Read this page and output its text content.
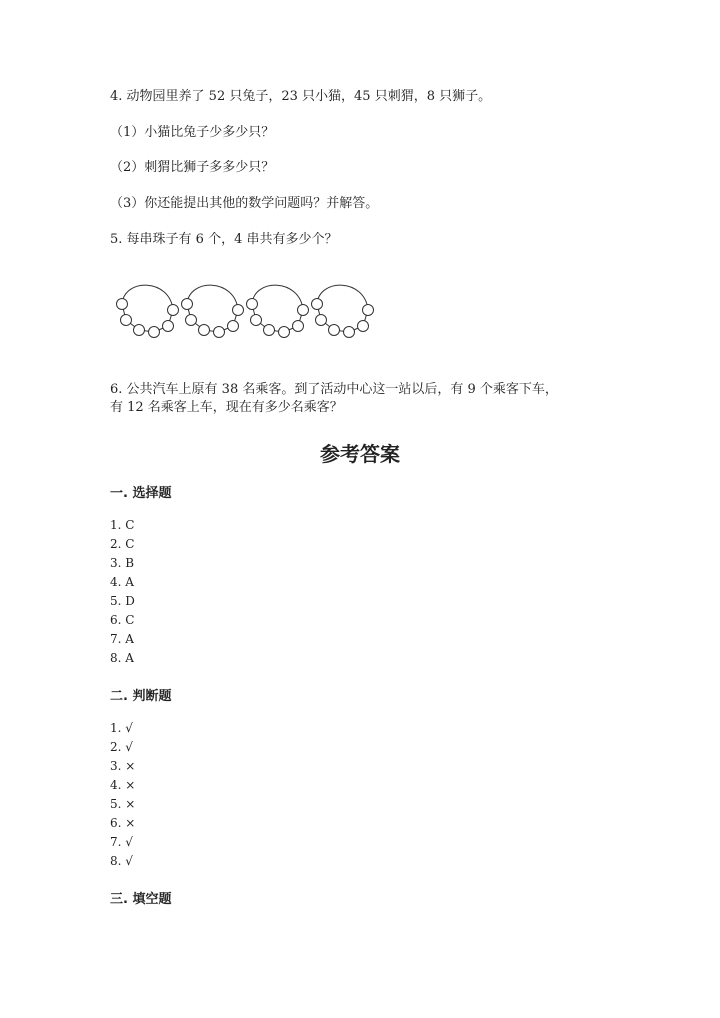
4. 动物园里养了 52 只兔子，23 只小猫，45 只刺猬，8 只狮子。
（1）小猫比兔子少多少只？
（2）刺猬比狮子多多少只？
（3）你还能提出其他的数学问题吗？并解答。
5. 每串珠子有 6 个，4 串共有多少个？
6. 公共汽车上原有 38 名乘客。到了活动中心这一站以后，有 9 个乘客下车，
有 12 名乘客上车，现在有多少名乘客？
参考答案
一. 选择题
1. C
2. C
3. B
4. A
5. D
6. C
7. A
8. A
二. 判断题
1. √
2. √
3. ×
4. ×
5. ×
6. ×
7. √
8. √
三. 填空题
